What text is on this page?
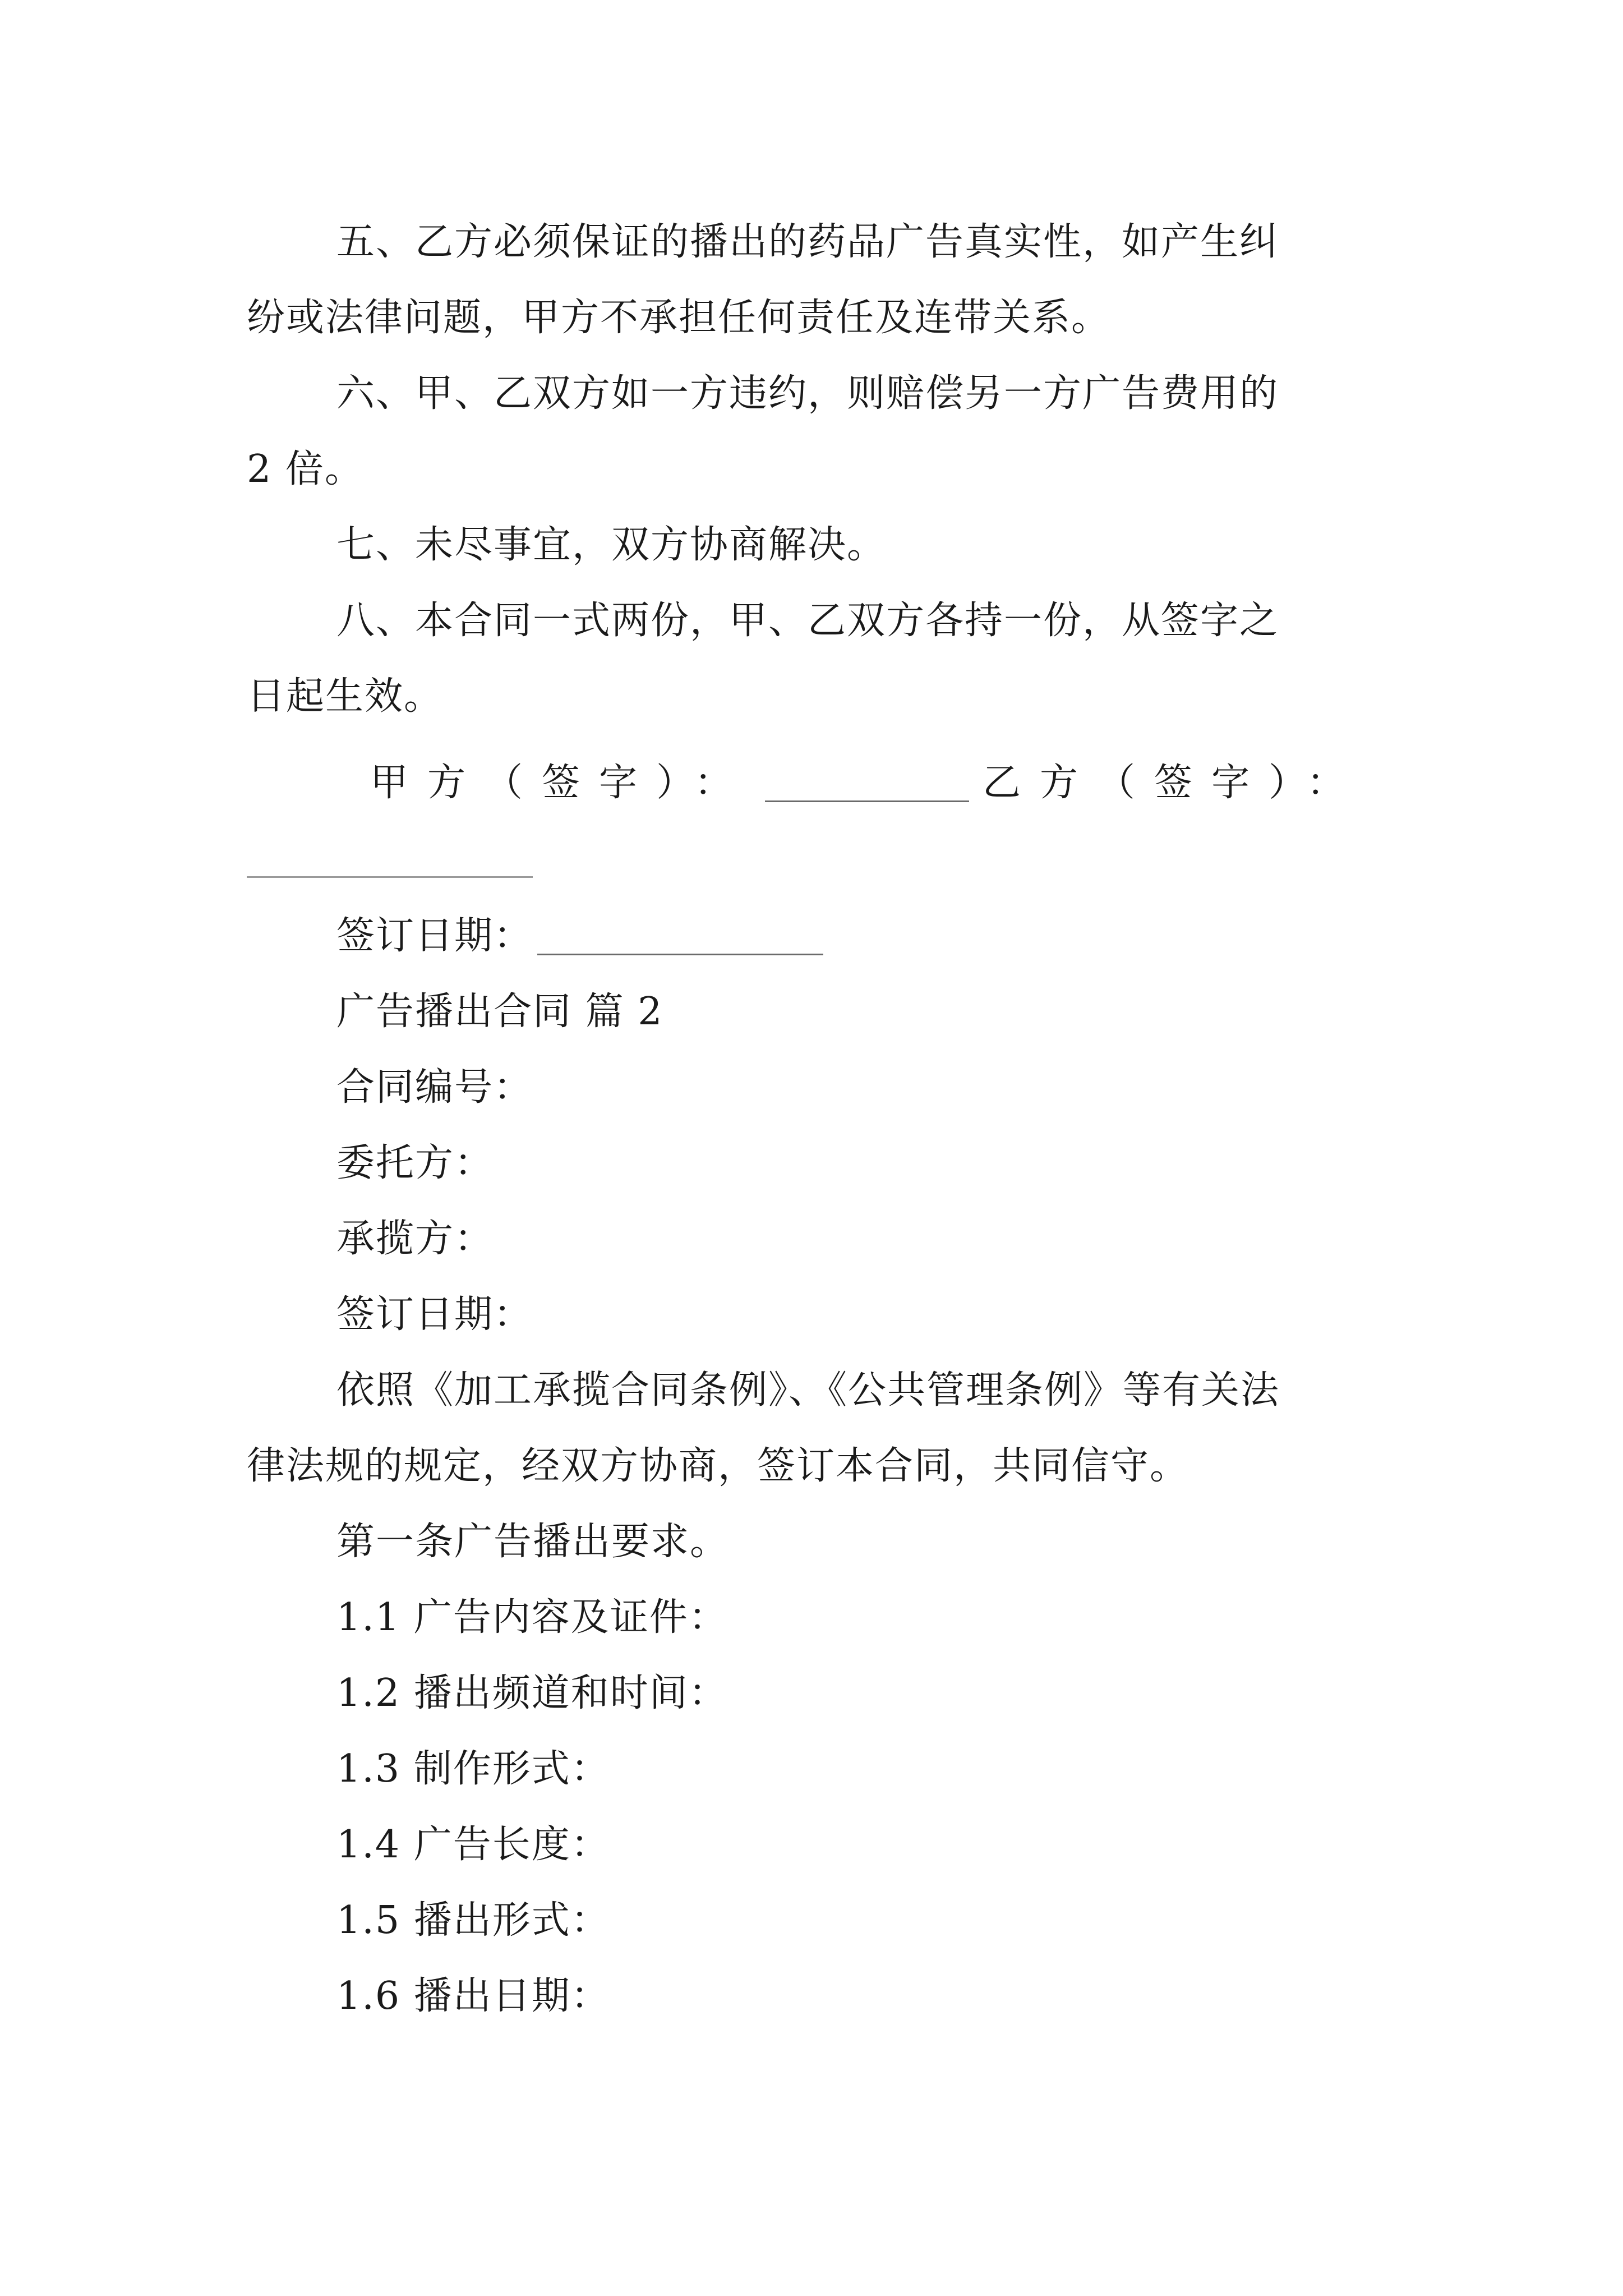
五、乙方必须保证的播出的药品广告真实性，如产生纠
纷或法律问题，甲方不承担任何责任及连带关系。
六、甲、乙双方如一方违约，则赔偿另一方广告费用的
2 倍。
七、未尽事宜，双方协商解决。
八、本合同一式两份，甲、乙双方各持一份，从签字之
日起生效。
甲方（签字）：	乙方（签字）：
签订日期：
广告播出合同 篇 2
合同编号：
委托方：
承揽方：
签订日期：
依照《加工承揽合同条例》、《公共管理条例》等有关法
律法规的规定，经双方协商，签订本合同，共同信守。
第一条广告播出要求。
1.1 广告内容及证件：
1.2 播出频道和时间：
1.3 制作形式：
1.4 广告长度：
1.5 播出形式：
1.6 播出日期：
